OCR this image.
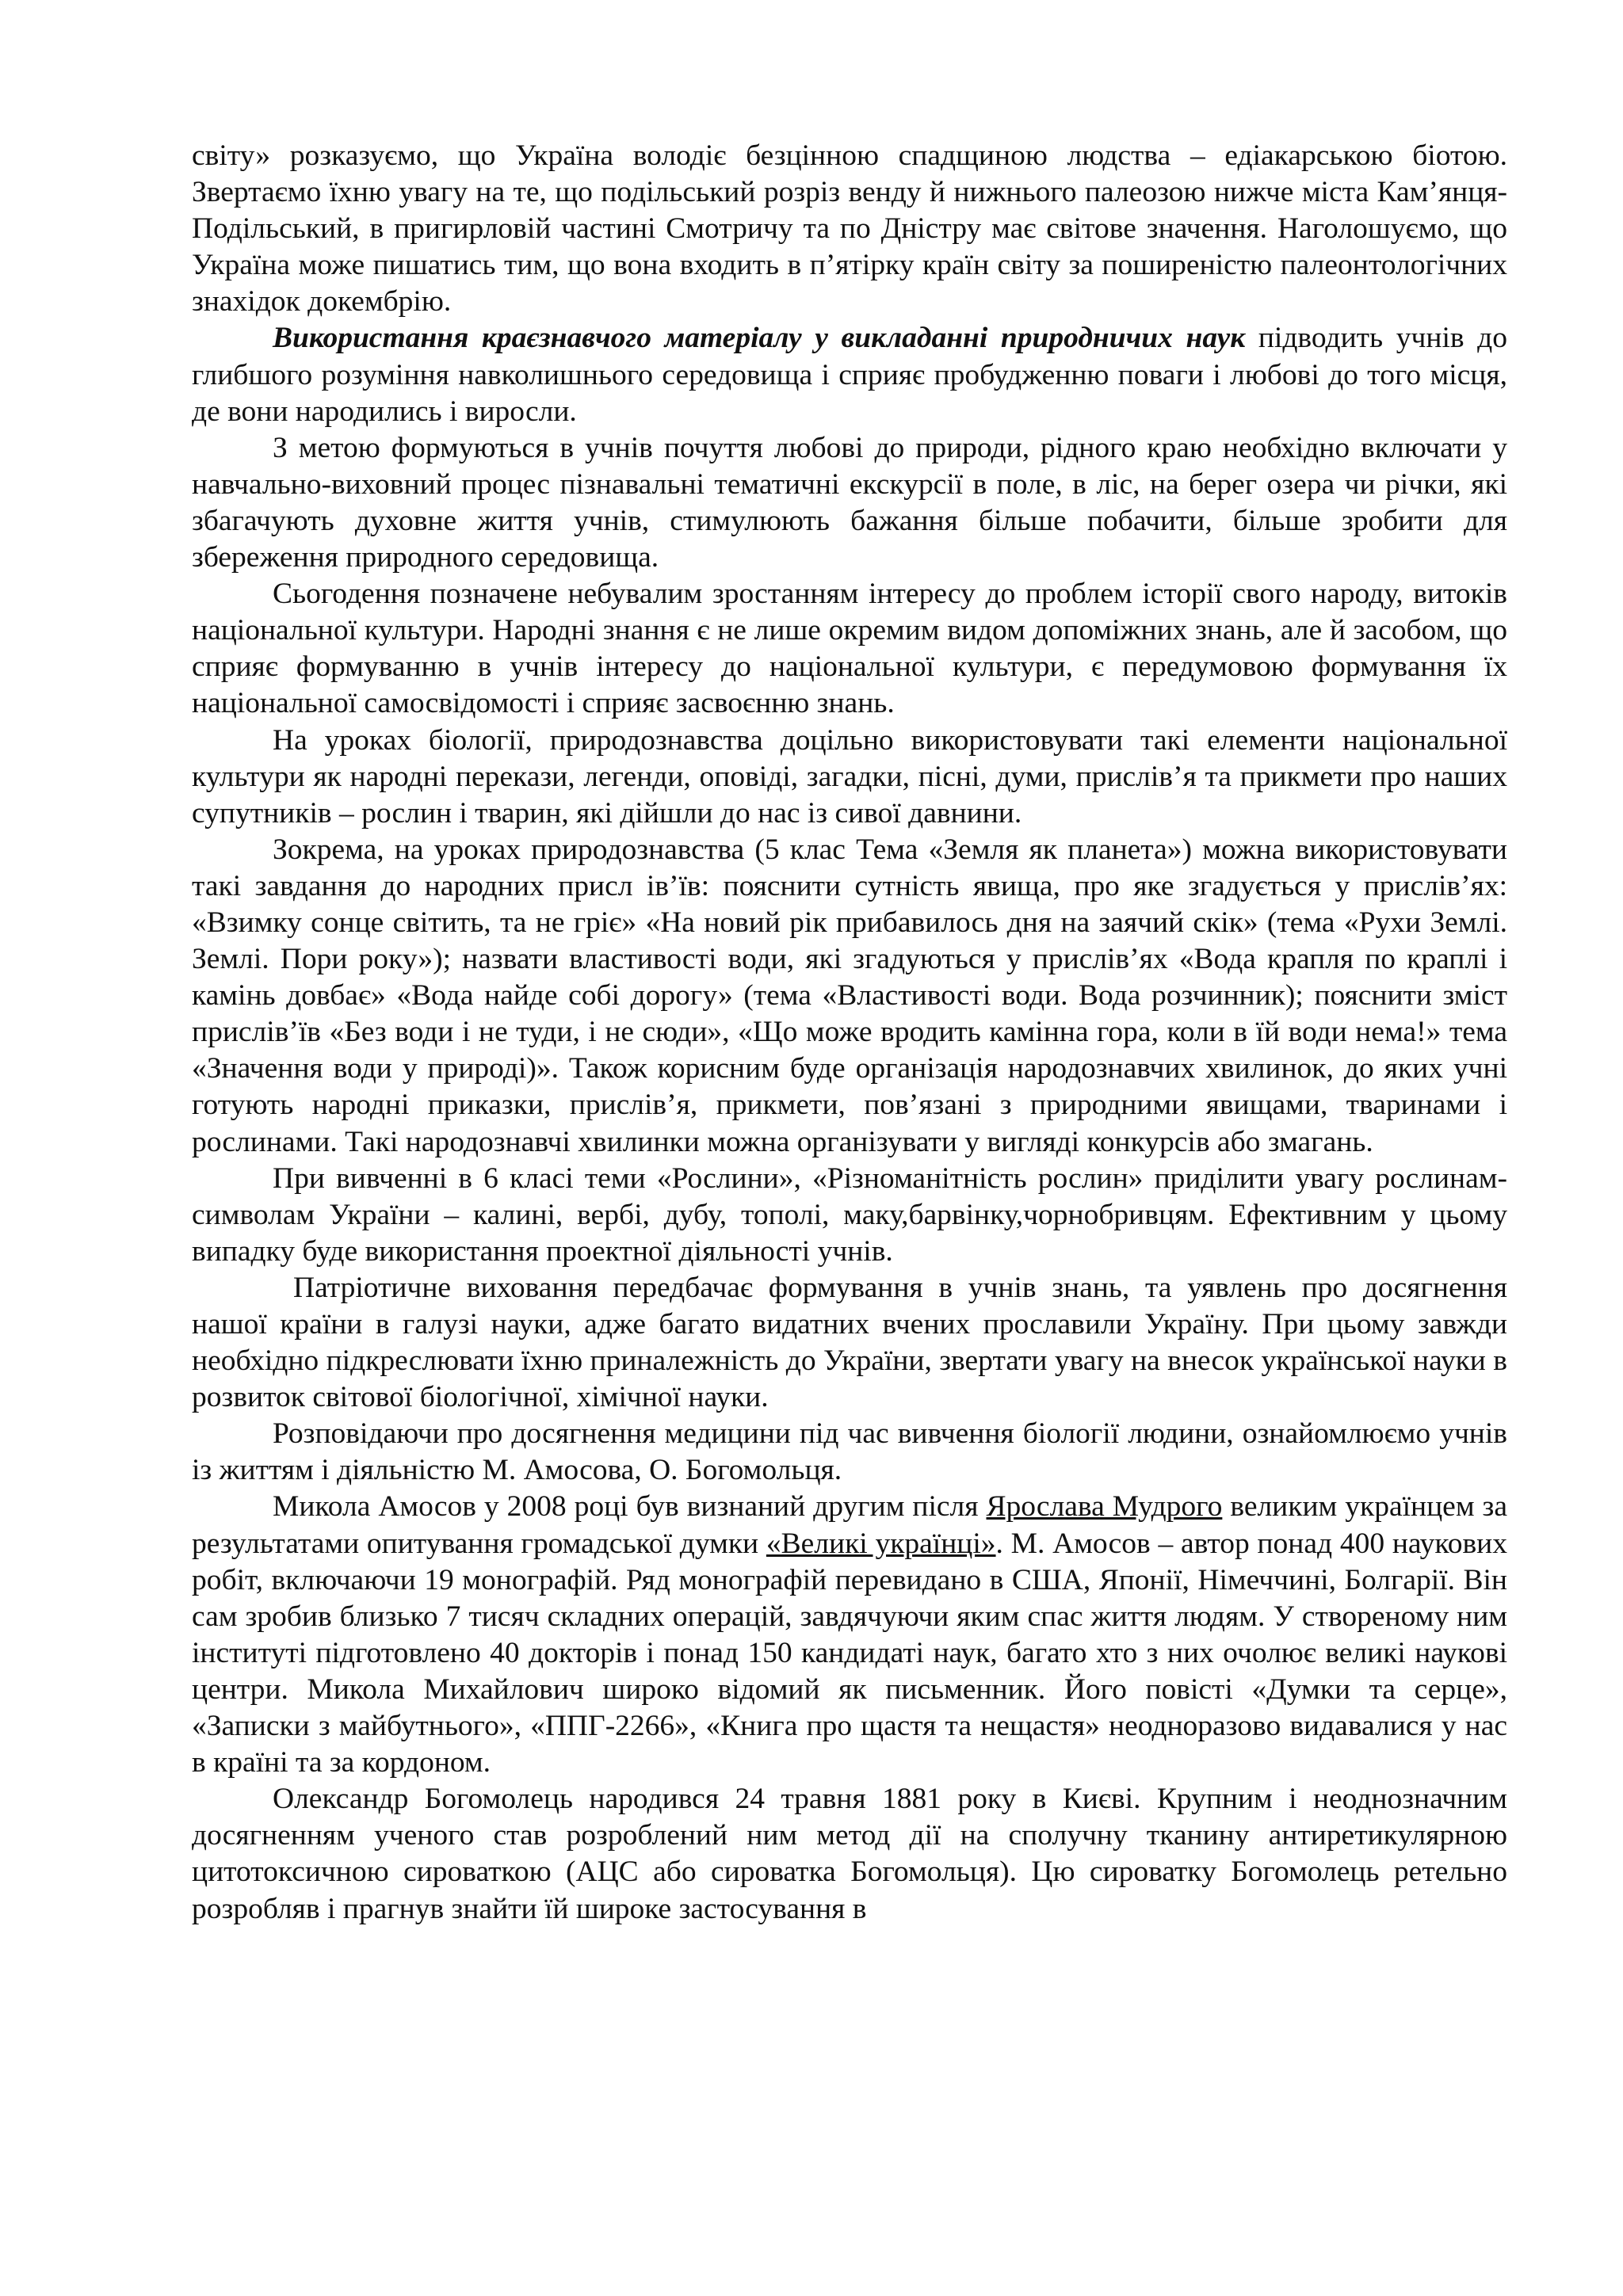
світу» розказуємо, що Україна володіє безцінною спадщиною людства – едіакарською біотою. Звертаємо їхню увагу на те, що подільський розріз венду й нижнього палеозою нижче міста Кам’янця-Подільський, в пригирловій частині Смотричу та по Дністру має світове значення. Наголошуємо, що Україна може пишатись тим, що вона входить в п’ятірку країн світу за поширеністю палеонтологічних знахідок докембрію.

Використання краєзнавчого матеріалу у викладанні природничих наук підводить учнів до глибшого розуміння навколишнього середовища і сприяє пробудженню поваги і любові до того місця, де вони народились і виросли.

З метою формуються в учнів почуття любові до природи, рідного краю необхідно включати у навчально-виховний процес пізнавальні тематичні екскурсії в поле, в ліс, на берег озера чи річки, які збагачують духовне життя учнів, стимулюють бажання більше побачити, більше зробити для збереження природного середовища.

Сьогодення позначене небувалим зростанням інтересу до проблем історії свого народу, витоків національної культури. Народні знання є не лише окремим видом допоміжних знань, але й засобом, що сприяє формуванню в учнів інтересу до національної культури, є передумовою формування їх національної самосвідомості і сприяє засвоєнню знань.

На уроках біології, природознавства доцільно використовувати такі елементи національної культури як народні перекази, легенди, оповіді, загадки, пісні, думи, прислів’я та прикмети про наших супутників – рослин і тварин, які дійшли до нас із сивої давнини.

Зокрема, на уроках природознавства (5 клас Тема «Земля як планета») можна використовувати такі завдання до народних присл ів’їв: пояснити сутність явища, про яке згадується у прислів’ях: «Взимку сонце світить, та не гріє» «На новий рік прибавилось дня на заячий скік» (тема «Рухи Землі. Землі. Пори року»); назвати властивості води, які згадуються у прислів’ях «Вода крапля по краплі і камінь довбає» «Вода найде собі дорогу» (тема «Властивості води. Вода розчинник); пояснити зміст прислів’їв «Без води і не туди, і не сюди», «Що може вродить камінна гора, коли в їй води нема!» тема «Значення води у природі)». Також корисним буде організація народознавчих хвилинок, до яких учні готують народні приказки, прислів’я, прикмети, пов’язані з природними явищами, тваринами і рослинами. Такі народознавчі хвилинки можна організувати у вигляді конкурсів або змагань.

При вивченні в 6 класі теми «Рослини», «Різноманітність рослин» приділити увагу рослинам-символам України – калині, вербі, дубу, тополі, маку,барвінку,чорнобривцям. Ефективним у цьому випадку буде використання проектної діяльності учнів.

Патріотичне виховання передбачає формування в учнів знань, та уявлень про досягнення нашої країни в галузі науки, адже багато видатних вчених прославили Україну. При цьому завжди необхідно підкреслювати їхню приналежність до України, звертати увагу на внесок української науки в розвиток світової біологічної, хімічної науки.

Розповідаючи про досягнення медицини під час вивчення біології людини, ознайомлюємо учнів із життям і діяльністю М. Амосова, О. Богомольця.

Микола Амосов у 2008 році був визнаний другим після Ярослава Мудрого великим українцем за результатами опитування громадської думки «Великі українці». М. Амосов – автор понад 400 наукових робіт, включаючи 19 монографій. Ряд монографій перевидано в США, Японії, Німеччині, Болгарії. Він сам зробив близько 7 тисяч складних операцій, завдячуючи яким спас життя людям. У створеному ним інституті підготовлено 40 докторів і понад 150 кандидаті наук, багато хто з них очолює великі наукові центри. Микола Михайлович широко відомий як письменник. Його повісті «Думки та серце», «Записки з майбутнього», «ППГ-2266», «Книга про щастя та нещастя» неодноразово видавалися у нас в країні та за кордоном.

Олександр Богомолець народився 24 травня 1881 року в Києві. Крупним і неоднозначним досягненням ученого став розроблений ним метод дії на сполучну тканину антиретикулярною цитотоксичною сироваткою (АЦС або сироватка Богомольця). Цю сироватку Богомолець ретельно розробляв і прагнув знайти їй широке застосування в
